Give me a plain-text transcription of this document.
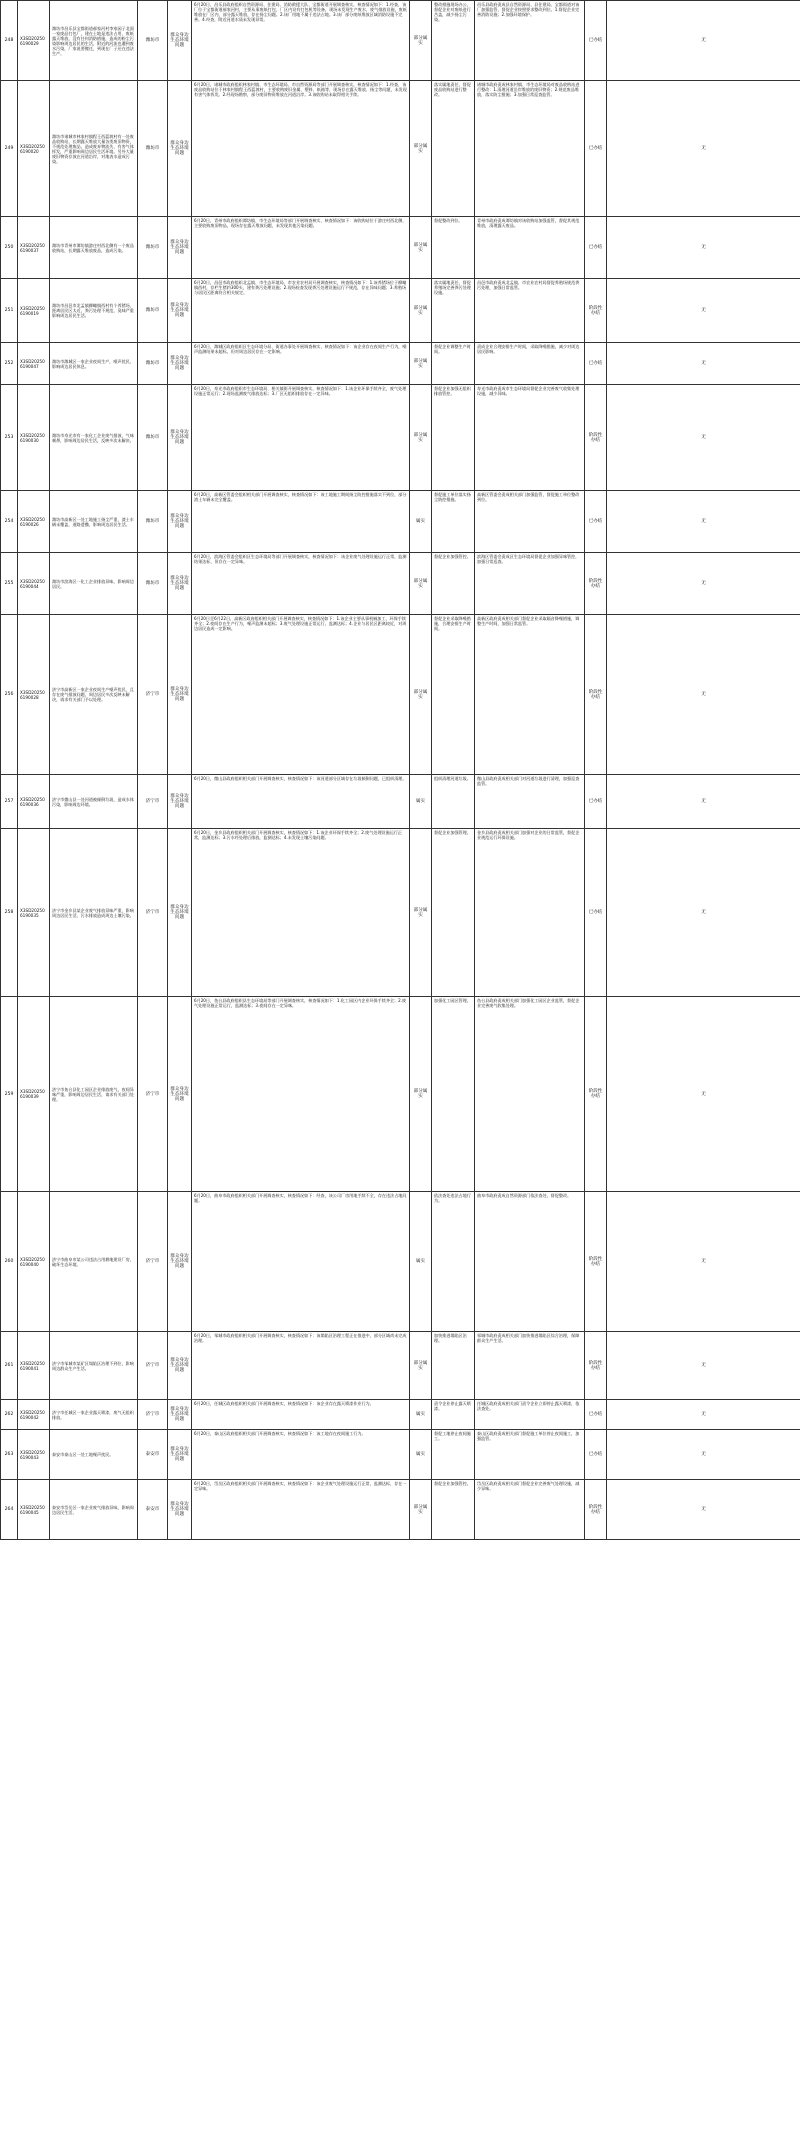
248	X3SD202506190029	潍坊市昌乐县宝都街道郝家河村李家园子北面一家废品打包厂，建在土地是违法占用、废纸露天堆放，没有任何消防措施，造成的粉尘污染影响周边居民的生活，附近的河流也遭到废水污染，厂家说要搬迁，到现在厂子还在违法生产。	潍坊市	群众身边生态环境问题	6月20日，昌乐县政府组织自然资源局、住建局、消防救援大队、宝都街道开展调查核实，核查情况如下：1.经查，该厂位于宝都街道郝家河村，主要从事废纸打包，厂区内设有打包机等设备，现场未发现生产废水、废气排放设施，废纸堆放在厂区内，部分露天堆放，存在扬尘问题。2.该厂用地不属于违法占地。3.该厂部分废纸堆放区域消防设施不完善。4.经查，附近河道水质未发现异常。	部分属实	整改措施现场办公，督促企业对废纸进行苫盖，减少扬尘污染。	昌乐县政府责成县自然资源局、县住建局、宝都街道对该厂加强监管，督促企业按照要求整改到位。1.督促企业完善消防设施；2.加强环境保护。	已办结	无
249	X3SD202506190020	潍坊市诸城市林家村镇程王西蓝坡村有一处废品收购站，长期露天堆放大量各类废旧物资，不规范处理废品，造成废弃物流失、有害气体挥发，严重影响周边居民生活环境。另外大量废旧物资存放在河道沿岸，对地表水造成污染。	潍坊市	群众身边生态环境问题	6月20日，诸城市政府组织林家村镇、市生态环境局、市自然资源局等部门开展调查核实，核查情况如下：1.经查，该废品收购站位于林家村镇程王西蓝坡村，主要收购废旧金属、塑料、纸箱等，现场存在露天堆放、扬尘等问题，未发现有害气体挥发。2.经现场勘察，部分废旧物资堆放在河道沿岸。3.该收购站未取得相关手续。	部分属实	落实属地责任，督促废品收购站进行整改。	诸城市政府责成林家村镇、市生态环境局对废品收购站进行整改：1.清理河道沿岸堆放的废旧物资；2.规范废品堆放，落实防尘措施；3.加强日常巡查监管。	已办结	无
250	X3SD202506190037	潍坊市青州市谭坊镇游庄村西北侧有一个废品收购站，长期露天堆放废品，造成污染。	潍坊市	群众身边生态环境问题	6月20日，青州市政府组织谭坊镇、市生态环境局等部门开展调查核实，核查情况如下：该收购站位于游庄村西北侧，主要收购废旧物品，现场存在露天堆放问题，未发现其他污染问题。	部分属实	督促整改到位。	青州市政府责成谭坊镇对该收购站加强监管，督促其规范堆放，清理露天废品。	已办结	无
251	X3SD202506190019	潍坊市昌邑市北孟镇柳疃镇西村有个养猪场，距离居民区太近，粪污处理不规范，臭味严重影响周边居民生活。	潍坊市	群众身边生态环境问题	6月20日，昌邑市政府组织北孟镇、市生态环境局、市农业农村局开展调查核实，核查情况如下：1.该养猪场位于柳疃镇西村，存栏生猪约300头，建有粪污处理设施；2.现场检查发现粪污处理设施运行不规范，存在异味问题；3.养殖场与居民区距离符合相关规定。	部分属实	落实属地责任，督促养殖场完善粪污处理设施。	昌邑市政府责成北孟镇、市农业农村局督促养殖场规范粪污处理，加强日常监管。	阶段性办结	无
252	X3SD202506190047	潍坊市潍城区一家企业夜间生产，噪声扰民，影响周边居民休息。	潍坊市	群众身边生态环境问题	6月20日，潍城区政府组织区生态环境分局、街道办事处开展调查核实，核查情况如下：该企业存在夜间生产行为，噪声监测结果未超标，但对周边居民存在一定影响。	部分属实	督促企业调整生产时间。	责成企业合理安排生产时间，采取降噪措施，减少对周边居民影响。	已办结	无
253	X3SD202506190030	潍坊市寿光市有一家化工企业废气排放，气味刺鼻，影响周边居民生活，反映多次未解决。	潍坊市	群众身边生态环境问题	6月20日，寿光市政府组织市生态环境局、相关镇街开展调查核实，核查情况如下：1.该企业环保手续齐全，废气处理设施正常运行；2.现场监测废气排放达标；3.厂区无组织排放存在一定异味。	部分属实	督促企业加强无组织排放管控。	寿光市政府责成市生态环境局督促企业完善废气收集处理设施，减少异味。	阶段性办结	无
254	X3SD202506190026	潍坊市高新区一处工地施工扬尘严重，渣土车辆未覆盖，道路遗撒，影响周边居民生活。	潍坊市	群众身边生态环境问题	6月20日，高新区管委会组织相关部门开展调查核实，核查情况如下：该工地施工期间扬尘防控措施落实不到位，部分渣土车辆未完全覆盖。	属实	督促施工单位落实扬尘防控措施。	高新区管委会责成相关部门加强监管，督促施工单位整改到位。	已办结	无
255	X3SD202506190044	潍坊市滨海区一化工企业排放异味，影响周边居民。	潍坊市	群众身边生态环境问题	6月20日，滨海区管委会组织区生态环境局等部门开展调查核实，核查情况如下：该企业废气处理设施运行正常，监测结果达标，但存在一定异味。	部分属实	督促企业加强管控。	滨海区管委会责成区生态环境局督促企业加强异味管控，加强日常巡查。	阶段性办结	无
256	X3SD202506190028	济宁市高新区一家企业夜间生产噪声扰民，且存在废气排放问题，周边居民多次反映未解决，请求有关部门予以处理。	济宁市	群众身边生态环境问题	6月20日至6月22日，高新区政府组织相关部门开展调查核实，核查情况如下：1.该企业主要从事机械加工，环保手续齐全；2.夜间存在生产行为，噪声监测未超标；3.废气处理设施正常运行，监测达标；4.企业与居民区距离较近，对周边居民造成一定影响。	部分属实	督促企业采取降噪措施，合理安排生产时间。	高新区政府责成相关部门督促企业采取隔音降噪措施，调整生产时间，加强日常监管。	阶段性办结	无
257	X3SD202506190036	济宁市微山县一处河道被倾倒垃圾，造成水体污染，影响周边环境。	济宁市	群众身边生态环境问题	6月20日，微山县政府组织相关部门开展调查核实，核查情况如下：该河道部分区域存在垃圾倾倒问题，已组织清理。	属实	组织清理河道垃圾。	微山县政府责成相关部门对河道垃圾进行清理，加强巡查监管。	已办结	无
258	X3SD202506190035	济宁市金乡县某企业废气排放异味严重，影响周边居民生活，污水排放造成周边土壤污染。	济宁市	群众身边生态环境问题	6月20日，金乡县政府组织相关部门开展调查核实，核查情况如下：1.该企业环保手续齐全；2.废气处理设施运行正常，监测达标；3.污水经处理后排放，监测达标；4.未发现土壤污染问题。	部分属实	督促企业加强管理。	金乡县政府责成相关部门加强对企业的日常监管，督促企业规范运行环保设施。	已办结	无
259	X3SD202506190039	济宁市鱼台县化工园区企业排放废气，夜间异味严重，影响周边居民生活，请求有关部门处理。	济宁市	群众身边生态环境问题	6月20日，鱼台县政府组织县生态环境局等部门开展调查核实，核查情况如下：1.化工园区内企业环保手续齐全；2.废气处理设施正常运行，监测达标；3.夜间存在一定异味。	部分属实	加强化工园区管理。	鱼台县政府责成相关部门加强化工园区企业监管，督促企业完善废气收集处理。	阶段性办结	无
260	X3SD202506190040	济宁市曲阜市某公司违法占用耕地建设厂房，破坏生态环境。	济宁市	群众身边生态环境问题	6月20日，曲阜市政府组织相关部门开展调查核实，核查情况如下：经查，该公司厂房用地手续不全，存在违法占地问题。	属实	依法查处违法占地行为。	曲阜市政府责成自然资源部门依法查处，督促整改。	阶段性办结	无
261	X3SD202506190041	济宁市邹城市某矿区塌陷区治理不到位，影响周边群众生产生活。	济宁市	群众身边生态环境问题	6月20日，邹城市政府组织相关部门开展调查核实，核查情况如下：该塌陷区治理工程正在推进中，部分区域尚未完成治理。	部分属实	加快推进塌陷区治理。	邹城市政府责成相关部门加快推进塌陷区综合治理，保障群众生产生活。	阶段性办结	无
262	X3SD202506190042	济宁市任城区一家企业露天喷漆，废气无组织排放。	济宁市	群众身边生态环境问题	6月20日，任城区政府组织相关部门开展调查核实，核查情况如下：该企业存在露天喷漆作业行为。	属实	责令企业停止露天喷漆。	任城区政府责成相关部门责令企业立即停止露天喷漆，依法查处。	已办结	无
263	X3SD202506190043	泰安市泰山区一处工地噪声扰民。	泰安市	群众身边生态环境问题	6月20日，泰山区政府组织相关部门开展调查核实，核查情况如下：该工地存在夜间施工行为。	属实	督促工地停止夜间施工。	泰山区政府责成相关部门督促施工单位停止夜间施工，加强监管。	已办结	无
264	X3SD202506190045	泰安市岱岳区一家企业废气排放异味，影响周边居民生活。	泰安市	群众身边生态环境问题	6月20日，岱岳区政府组织相关部门开展调查核实，核查情况如下：该企业废气处理设施运行正常，监测达标，存在一定异味。	部分属实	督促企业加强管控。	岱岳区政府责成相关部门督促企业完善废气处理设施，减少异味。	阶段性办结	无
